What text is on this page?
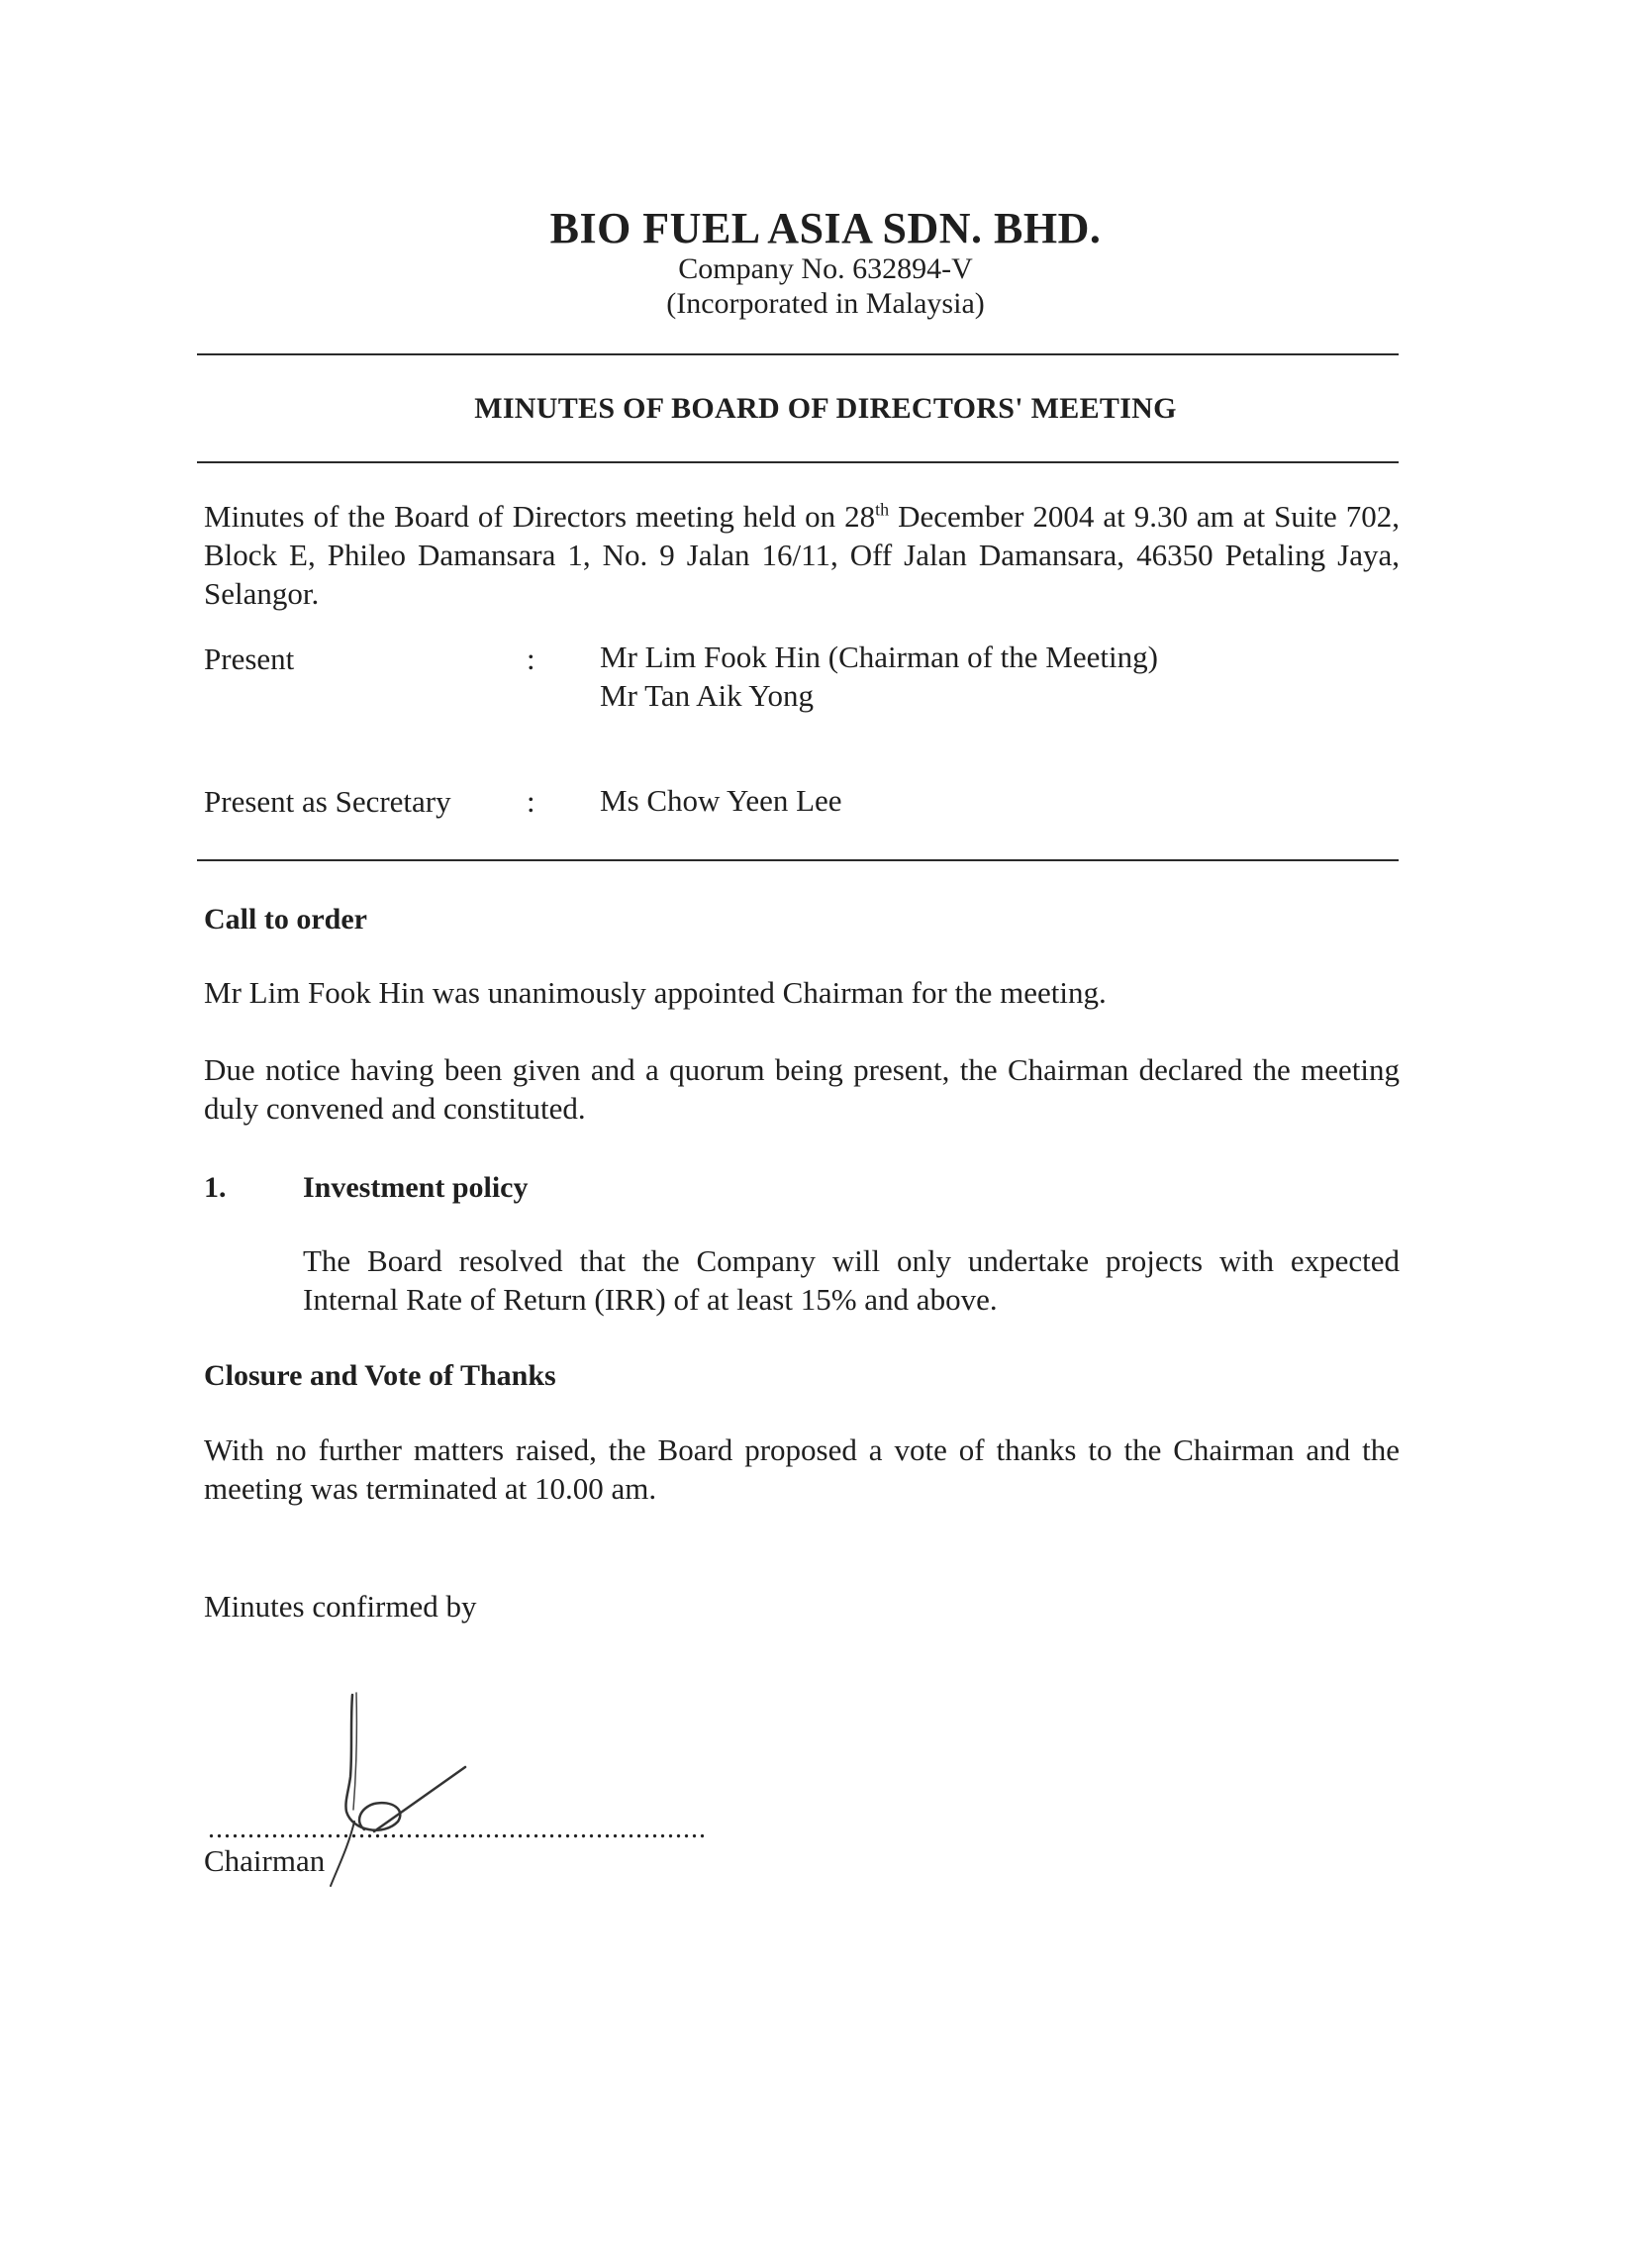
BIO FUEL ASIA SDN. BHD.
Company No. 632894-V
(Incorporated in Malaysia)
MINUTES OF BOARD OF DIRECTORS' MEETING
Minutes of the Board of Directors meeting held on 28th December 2004 at 9.30 am at Suite 702, Block E, Phileo Damansara 1, No. 9 Jalan 16/11, Off Jalan Damansara, 46350 Petaling Jaya, Selangor.
Present	: Mr Lim Fook Hin (Chairman of the Meeting)
Mr Tan Aik Yong
Present as Secretary : Ms Chow Yeen Lee
Call to order
Mr Lim Fook Hin was unanimously appointed Chairman for the meeting.
Due notice having been given and a quorum being present, the Chairman declared the meeting duly convened and constituted.
1.	Investment policy
The Board resolved that the Company will only undertake projects with expected Internal Rate of Return (IRR) of at least 15% and above.
Closure and Vote of Thanks
With no further matters raised, the Board proposed a vote of thanks to the Chairman and the meeting was terminated at 10.00 am.
Minutes confirmed by
...............................................................
Chairman
